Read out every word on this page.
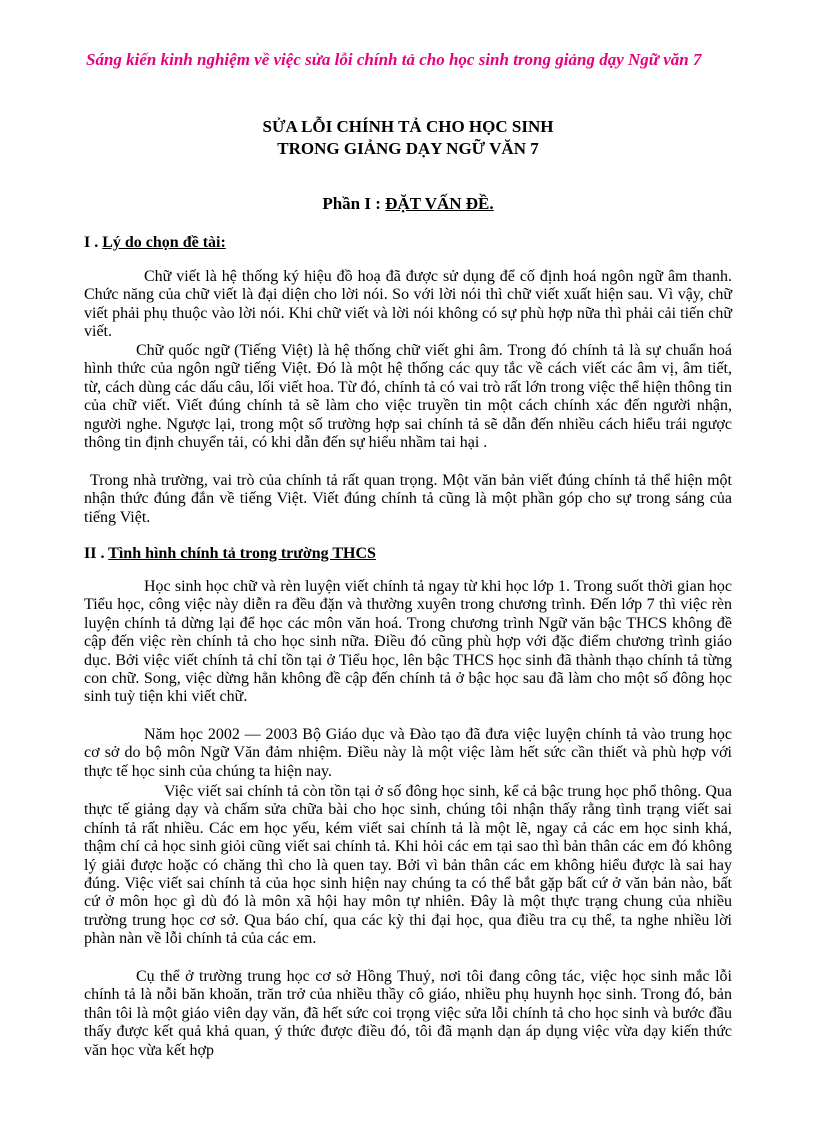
Sáng kiến kinh nghiệm về việc sửa lỗi chính tả cho học sinh trong giảng dạy Ngữ văn 7
SỬA LỖI CHÍNH TẢ CHO HỌC SINH
TRONG GIẢNG DẠY NGỮ VĂN 7
Phần I : ĐẶT VẤN ĐỀ.
I . Lý do chọn đề tài:

Chữ viết là hệ thống ký hiệu đồ hoạ đã được sử dụng để cố định hoá ngôn ngữ âm thanh. Chức năng của chữ viết là đại diện cho lời nói. So với lời nói thì chữ viết xuất hiện sau. Vì vậy, chữ viết phải phụ thuộc vào lời nói. Khi chữ viết và lời nói không có sự phù hợp nữa thì phải cải tiến chữ viết.

Chữ quốc ngữ (Tiếng Việt) là hệ thống chữ viết ghi âm. Trong đó chính tả là sự chuẩn hoá hình thức của ngôn ngữ tiếng Việt. Đó là một hệ thống các quy tắc về cách viết các âm vị, âm tiết, từ, cách dùng các dấu câu, lối viết hoa. Từ đó, chính tả có vai trò rất lớn trong việc thể hiện thông tin của chữ viết. Viết đúng chính tả sẽ làm cho việc truyền tin một cách chính xác đến người nhận, người nghe. Ngược lại, trong một số trường hợp sai chính tả sẽ dẫn đến nhiều cách hiểu trái ngược thông tin định chuyển tải, có khi dẫn đến sự hiểu nhầm tai hại .

Trong nhà trường, vai trò của chính tả rất quan trọng. Một văn bản viết đúng chính tả thể hiện một nhận thức đúng đắn về tiếng Việt. Viết đúng chính tả cũng là một phần góp cho sự trong sáng của tiếng Việt.

II . Tình hình chính tả trong trường THCS

Học sinh học chữ và rèn luyện viết chính tả ngay từ khi học lớp 1. Trong suốt thời gian học Tiểu học, công việc này diễn ra đều đặn và thường xuyên trong chương trình. Đến lớp 7 thì việc rèn luyện chính tả dừng lại để học các môn văn hoá. Trong chương trình Ngữ văn bậc THCS không đề cập đến việc rèn chính tả cho học sinh nữa. Điều đó cũng phù hợp với đặc điểm chương trình giáo dục. Bởi việc viết chính tả chỉ tồn tại ở Tiểu học, lên bậc THCS học sinh đã thành thạo chính tả từng con chữ. Song, việc dừng hẳn không đề cập đến chính tả ở bậc học sau đã làm cho một số đông học sinh tuỳ tiện khi viết chữ.

Năm học 2002 — 2003 Bộ Giáo dục và Đào tạo đã đưa việc luyện chính tả vào trung học cơ sở do bộ môn Ngữ Văn đảm nhiệm. Điều này là một việc làm hết sức cần thiết và phù hợp với thực tế học sinh của chúng ta hiện nay.

Việc viết sai chính tả còn tồn tại ở số đông học sinh, kể cả bậc trung học phổ thông. Qua thực tế giảng dạy và chấm sửa chữa bài cho học sinh, chúng tôi nhận thấy rằng tình trạng viết sai chính tả rất nhiều. Các em học yếu, kém viết sai chính tả là một lẽ, ngay cả các em học sinh khá, thậm chí cả học sinh giỏi cũng viết sai chính tả. Khi hỏi các em tại sao thì bản thân các em đó không lý giải được hoặc có chăng thì cho là quen tay. Bởi vì bản thân các em không hiểu được là sai hay đúng. Việc viết sai chính tả của học sinh hiện nay chúng ta có thể bắt gặp bất cứ ở văn bản nào, bất cứ ở môn học gì dù đó là môn xã hội hay môn tự nhiên. Đây là một thực trạng chung của nhiều trường trung học cơ sở. Qua báo chí, qua các kỳ thi đại học, qua điều tra cụ thể, ta nghe nhiều lời phàn nàn về lỗi chính tả của các em.

Cụ thể ở trường trung học cơ sở Hồng Thuỷ, nơi tôi đang công tác, việc học sinh mắc lỗi chính tả là nỗi băn khoăn, trăn trở của nhiều thầy cô giáo, nhiều phụ huynh học sinh. Trong đó, bản thân tôi là một giáo viên dạy văn, đã hết sức coi trọng việc sửa lỗi chính tả cho học sinh và bước đầu thấy được kết quả khả quan, ý thức được điều đó, tôi đã mạnh dạn áp dụng việc vừa dạy kiến thức văn học vừa kết hợp
